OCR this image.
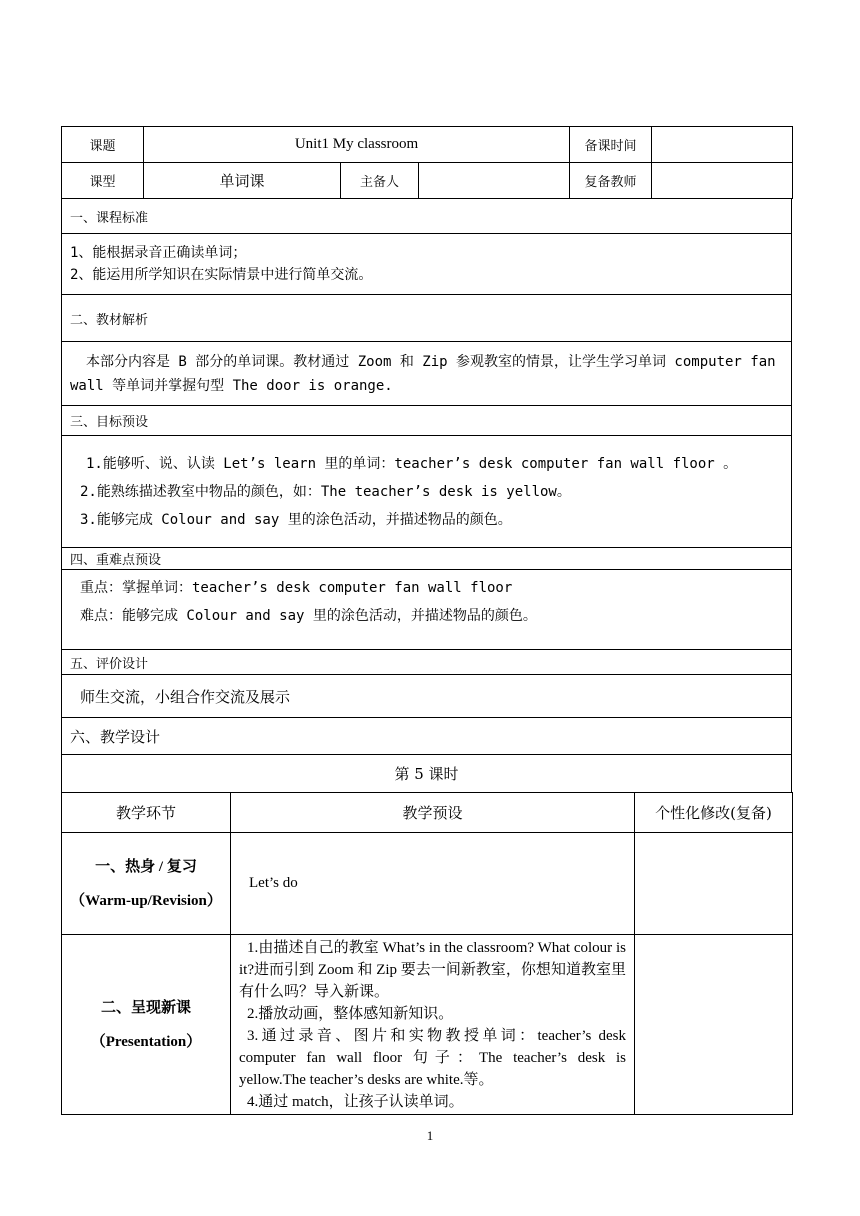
课题	Unit1 My classroom			备课时间	
课型	单词课	主备人		复备教师	
一、课程标准

1、能根据录音正确读单词；
2、能运用所学知识在实际情景中进行简单交流。

二、教材解析

本部分内容是 B 部分的单词课。教材通过 Zoom 和 Zip 参观教室的情景，让学生学习单词 computer fan wall 等单词并掌握句型 The door is orange.

三、目标预设

1.能够听、说、认读 Let’s learn 里的单词：teacher’s desk computer fan wall floor 。
2.能熟练描述教室中物品的颜色，如：The teacher’s desk is yellow。
3.能够完成 Colour and say 里的涂色活动，并描述物品的颜色。

四、重难点预设

重点：掌握单词：teacher’s desk computer fan wall floor
难点：能够完成 Colour and say 里的涂色活动，并描述物品的颜色。

五、评价设计

师生交流，小组合作交流及展示

六、教学设计
第 5 课时
教学环节	教学预设	个性化修改(复备)

一、热身 / 复习
（Warm-up/Revision）	Let’s do	

二、呈现新课
（Presentation）	1.由描述自己的教室 What’s in the classroom? What colour is it?进而引到 Zoom 和 Zip 要去一间新教室，你想知道教室里有什么吗？导入新课。
2.播放动画，整体感知新知识。
3.通过录音、图片和实物教授单词：teacher’s desk computer fan wall floor 句子：The teacher’s desk is yellow.The teacher’s desks are white.等。
4.通过 match，让孩子认读单词。	

1
